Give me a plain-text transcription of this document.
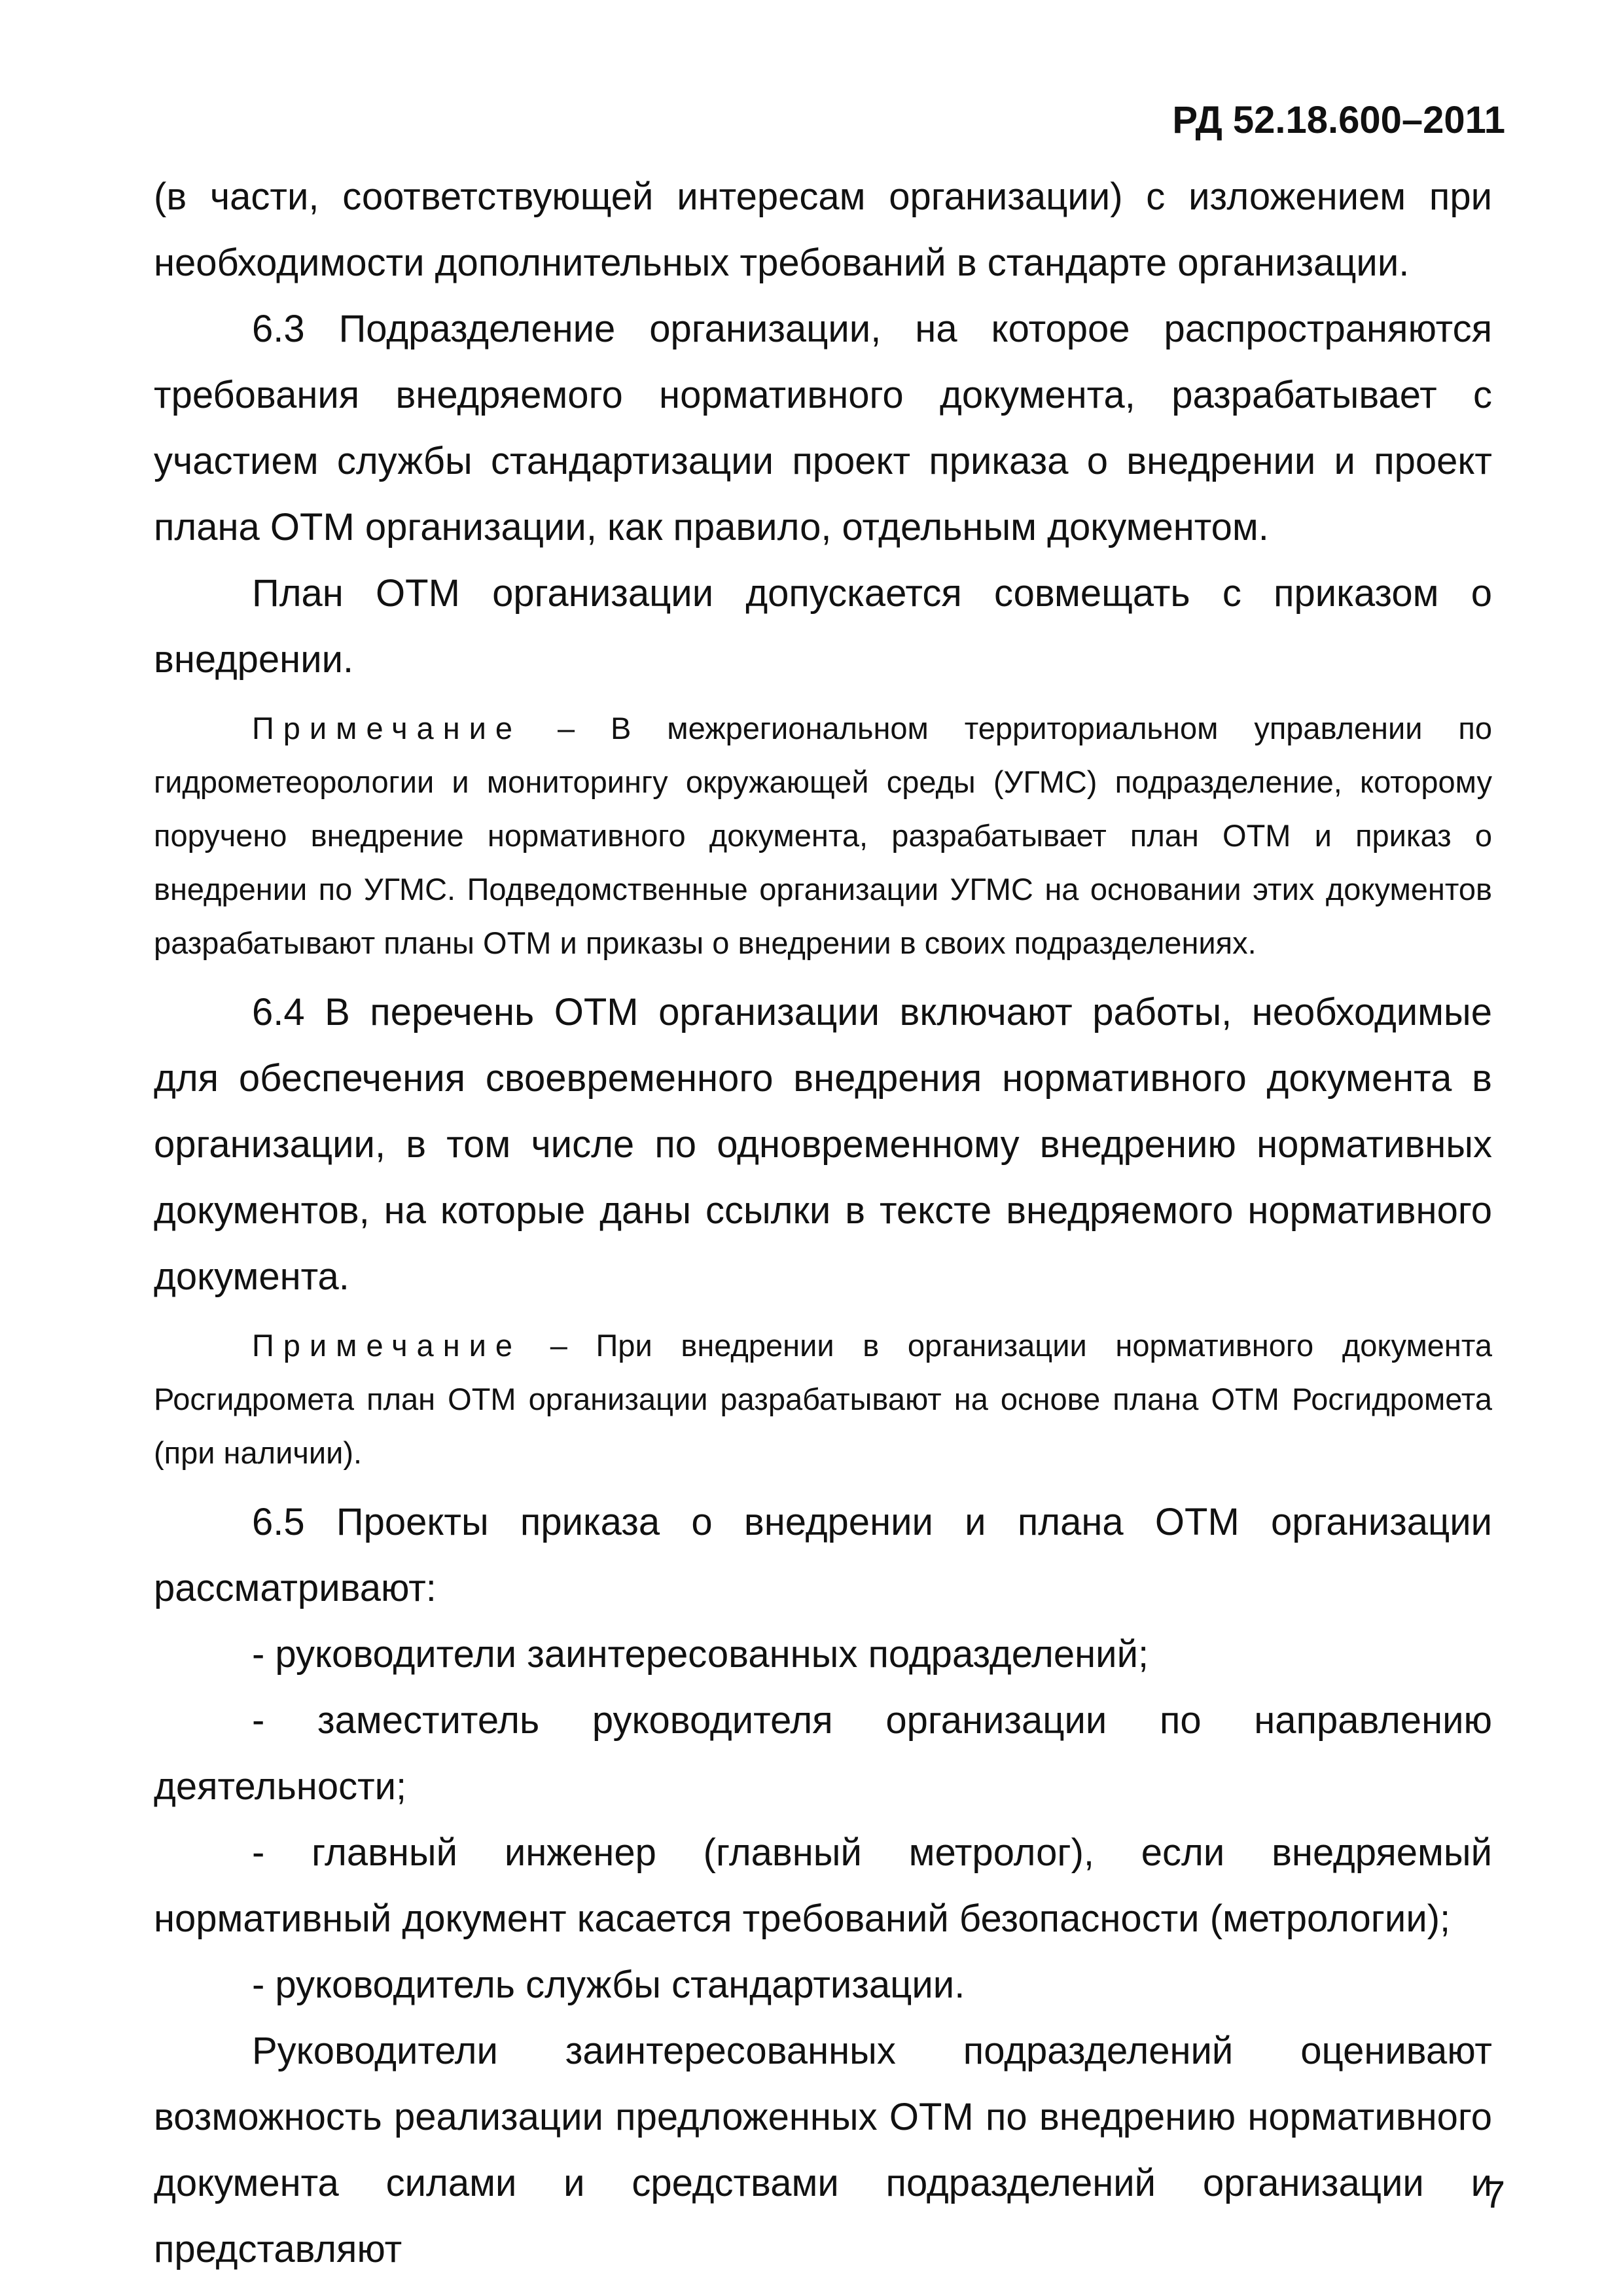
РД 52.18.600–2011

(в части, соответствующей интересам организации) с изложением при необходимости дополнительных требований в стандарте организации.

6.3 Подразделение организации, на которое распространяются требования внедряемого нормативного документа, разрабатывает с участием службы стандартизации проект приказа о внедрении и проект плана ОТМ организации, как правило, отдельным документом.

План ОТМ организации допускается совмещать с приказом о внедрении.

Примечание – В межрегиональном территориальном управлении по гидрометеорологии и мониторингу окружающей среды (УГМС) подразделение, которому поручено внедрение нормативного документа, разрабатывает план ОТМ и приказ о внедрении по УГМС. Подведомственные организации УГМС на основании этих документов разрабатывают планы ОТМ и приказы о внедрении в своих подразделениях.

6.4 В перечень ОТМ организации включают работы, необходимые для обеспечения своевременного внедрения нормативного документа в организации, в том числе по одновременному внедрению нормативных документов, на которые даны ссылки в тексте внедряемого нормативного документа.

Примечание – При внедрении в организации нормативного документа Росгидромета план ОТМ организации разрабатывают на основе плана ОТМ Росгидромета (при наличии).

6.5 Проекты приказа о внедрении и плана ОТМ организации рассматривают:

- руководители заинтересованных подразделений;

- заместитель руководителя организации по направлению деятельности;

- главный инженер (главный метролог), если внедряемый нормативный документ касается требований безопасности (метрологии);

- руководитель службы стандартизации.

Руководители заинтересованных подразделений оценивают возможность реализации предложенных ОТМ по внедрению нормативного документа силами и средствами подразделений организации и представляют

7
